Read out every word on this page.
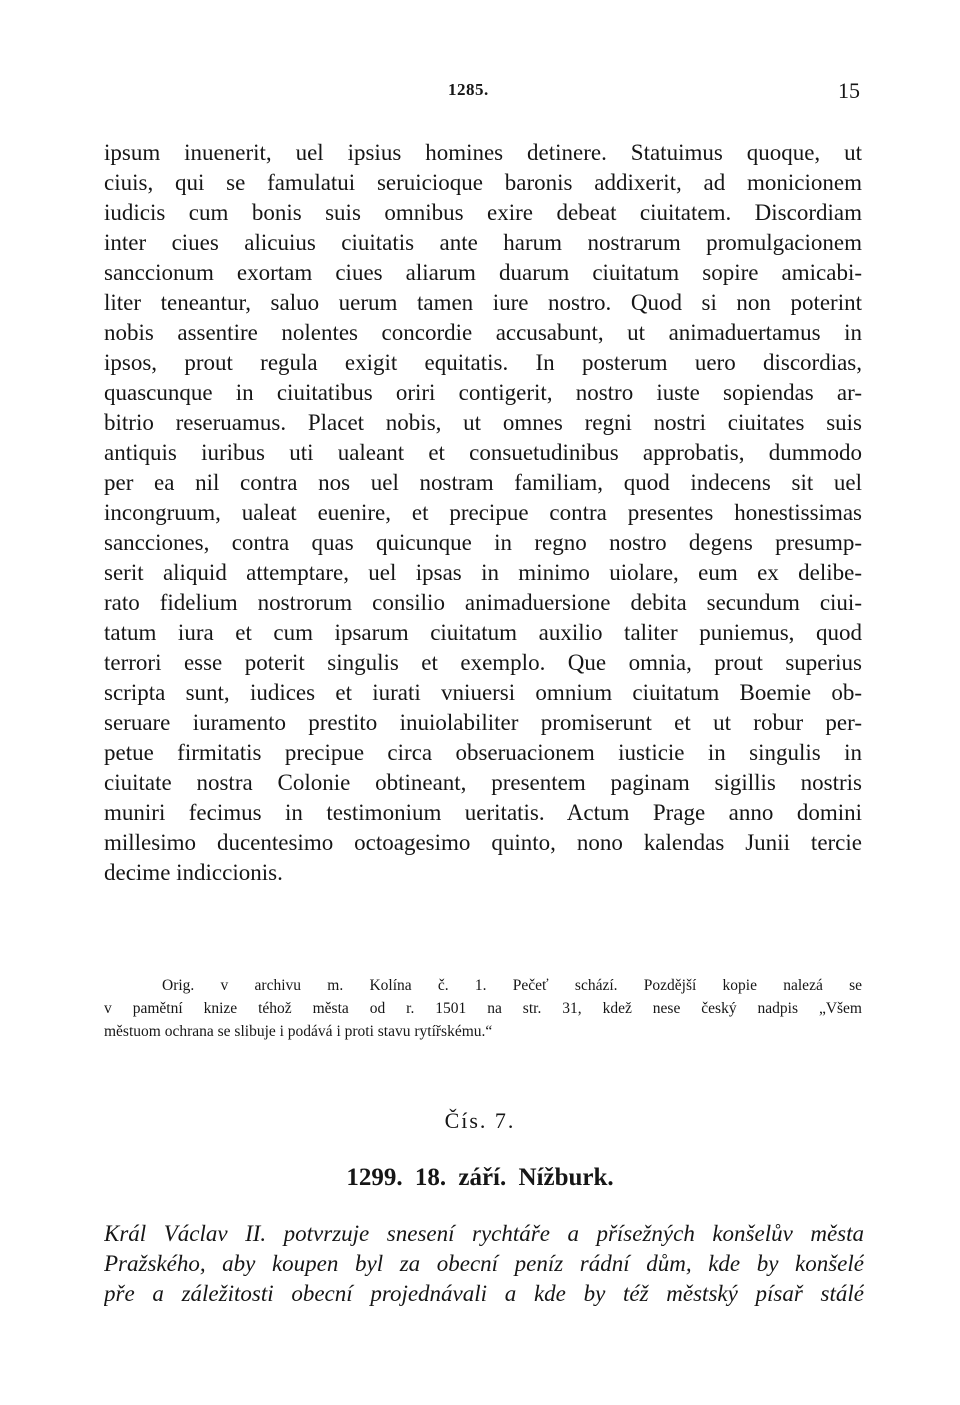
1285.	15
ipsum inuenerit, uel ipsius homines detinere. Statuimus quoque, ut
ciuis, qui se famulatui seruicioque baronis addixerit, ad monicionem
iudicis cum bonis suis omnibus exire debeat ciuitatem. Discordiam
inter ciues alicuius ciuitatis ante harum nostrarum promulgacionem
sanccionum exortam ciues aliarum duarum ciuitatum sopire amicabi-
liter teneantur, saluo uerum tamen iure nostro. Quod si non poterint
nobis assentire nolentes concordie accusabunt, ut animaduertamus in
ipsos, prout regula exigit equitatis. In posterum uero discordias,
quascunque in ciuitatibus oriri contigerit, nostro iuste sopiendas ar-
bitrio reseruamus. Placet nobis, ut omnes regni nostri ciuitates suis
antiquis iuribus uti ualeant et consuetudinibus approbatis, dummodo
per ea nil contra nos uel nostram familiam, quod indecens sit uel
incongruum, ualeat euenire, et precipue contra presentes honestissimas
sancciones, contra quas quicunque in regno nostro degens presump-
serit aliquid attemptare, uel ipsas in minimo uiolare, eum ex delibe-
rato fidelium nostrorum consilio animaduersione debita secundum ciui-
tatum iura et cum ipsarum ciuitatum auxilio taliter puniemus, quod
terrori esse poterit singulis et exemplo. Que omnia, prout superius
scripta sunt, iudices et iurati vniuersi omnium ciuitatum Boemie ob-
seruare iuramento prestito inuiolabiliter promiserunt et ut robur per-
petue firmitatis precipue circa obseruacionem iusticie in singulis in
ciuitate nostra Colonie obtineant, presentem paginam sigillis nostris
muniri fecimus in testimonium ueritatis. Actum Prage anno domini
millesimo ducentesimo octoagesimo quinto, nono kalendas Junii tercie
decime indiccionis.
Orig. v archivu m. Kolína č. 1. Pečeť schází. Pozdější kopie nalezá se
v pamětní knize téhož města od r. 1501 na str. 31, kdež nese český nadpis „Všem
městuom ochrana se slibuje i podává i proti stavu rytířskému.“
Čís. 7.
1299. 18. září. Nížburk.
Král Václav II. potvrzuje snesení rychtáře a přísežných konšelův města
Pražského, aby koupen byl za obecní peníz rádní dům, kde by konšelé
pře a záležitosti obecní projednávali a kde by též městský písař stálé
